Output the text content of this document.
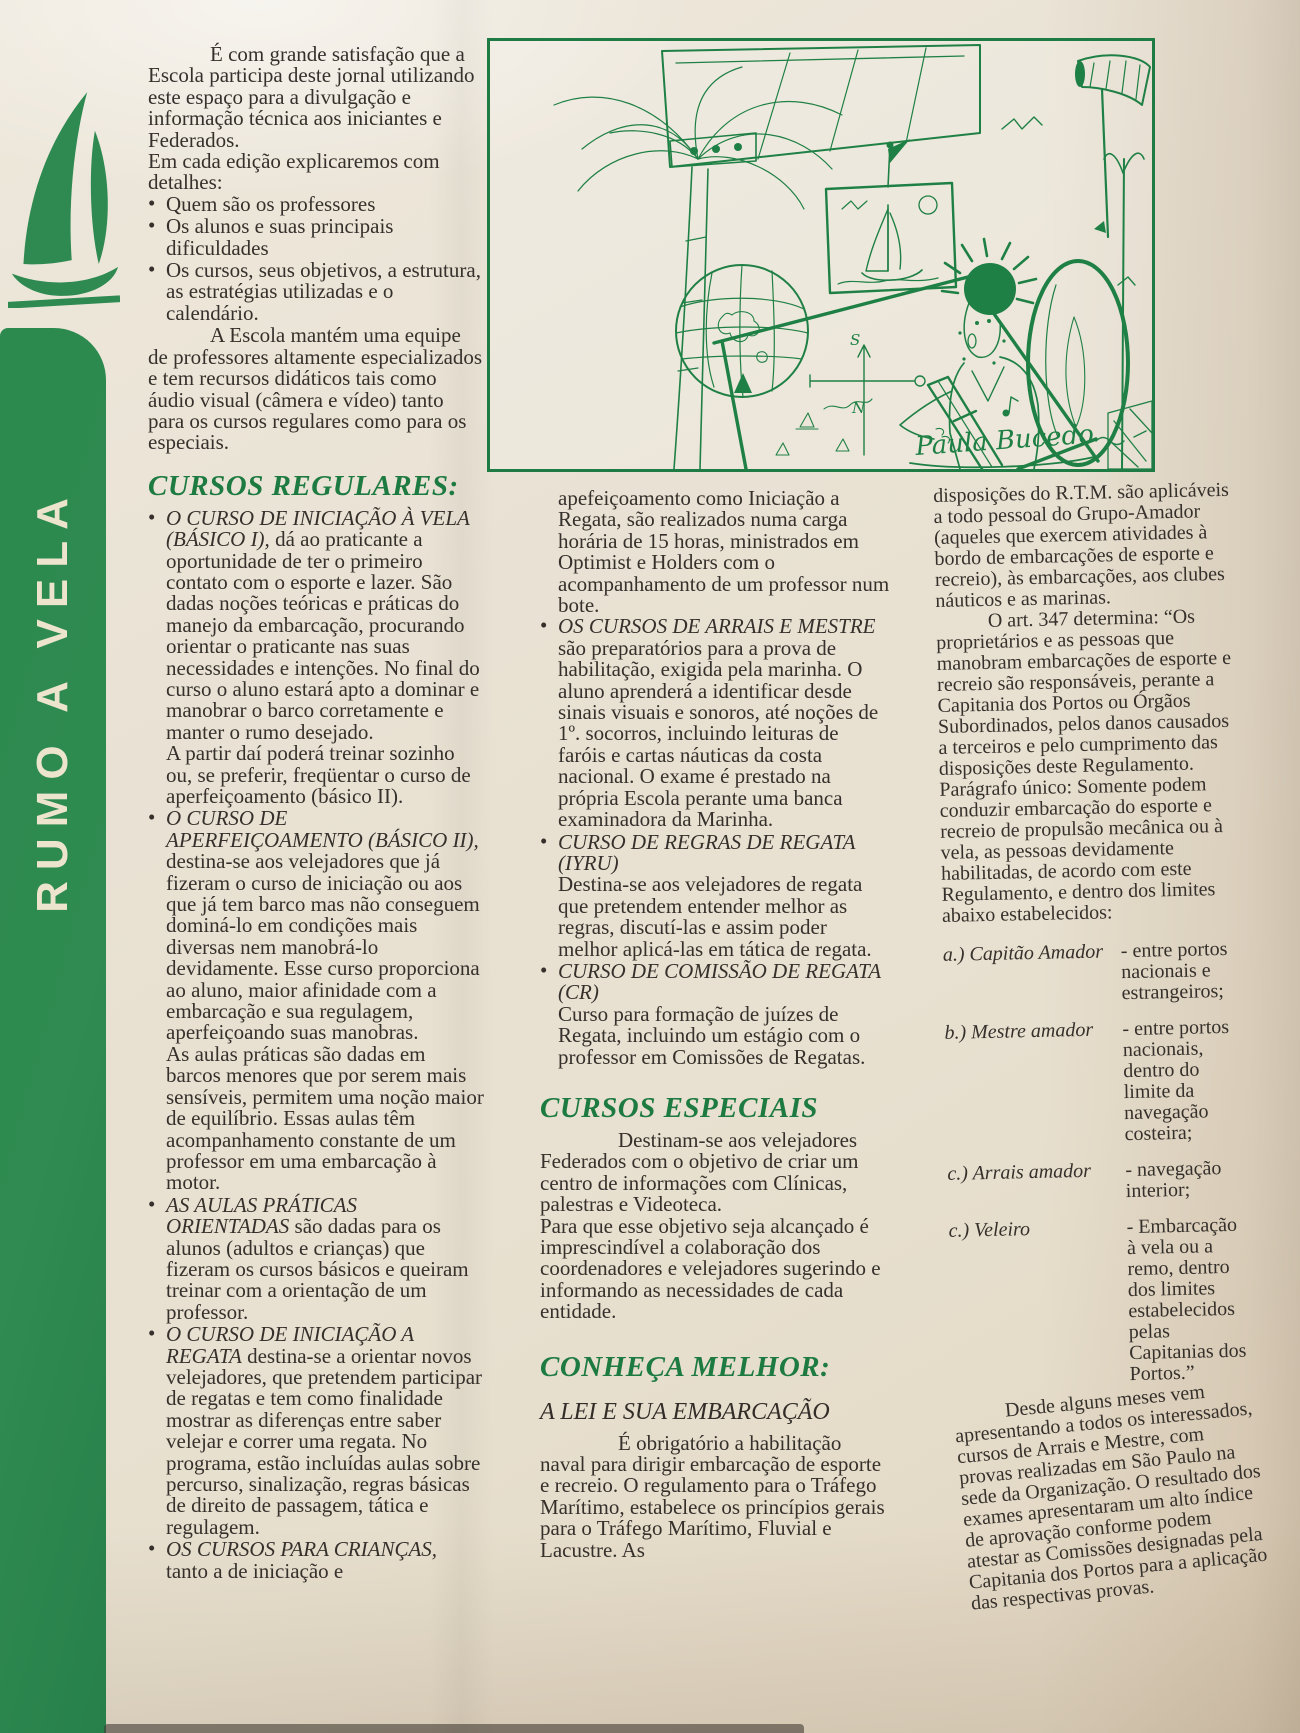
RUMO A VELA

É com grande satisfação que a Escola participa deste jornal utilizando este espaço para a divulgação e informação técnica aos iniciantes e Federados.

Em cada edição explicaremos com detalhes:

• Quem são os professores
• Os alunos e suas principais dificuldades
• Os cursos, seus objetivos, a estrutura, as estratégias utilizadas e o calendário.

A Escola mantém uma equipe de professores altamente especializados e tem recursos didáticos tais como áudio visual (câmera e vídeo) tanto para os cursos regulares como para os especiais.

CURSOS REGULARES:
• O CURSO DE INICIAÇÃO À VELA (BÁSICO I), dá ao praticante a oportunidade de ter o primeiro contato com o esporte e lazer. São dadas noções teóricas e práticas do manejo da embarcação, procurando orientar o praticante nas suas necessidades e intenções. No final do curso o aluno estará apto a dominar e manobrar o barco corretamente e manter o rumo desejado.
A partir daí poderá treinar sozinho ou, se preferir, freqüentar o curso de aperfeiçoamento (básico II).
• O CURSO DE APERFEIÇOAMENTO (BÁSICO II), destina-se aos velejadores que já fizeram o curso de iniciação ou aos que já tem barco mas não conseguem dominá-lo em condições mais diversas nem manobrá-lo devidamente. Esse curso proporciona ao aluno, maior afinidade com a embarcação e sua regulagem, aperfeiçoando suas manobras.
As aulas práticas são dadas em barcos menores que por serem mais sensíveis, permitem uma noção maior de equilíbrio. Essas aulas têm acompanhamento constante de um professor em uma embarcação à motor.
• AS AULAS PRÁTICAS ORIENTADAS são dadas para os alunos (adultos e crianças) que fizeram os cursos básicos e queiram treinar com a orientação de um professor.
• O CURSO DE INICIAÇÃO A REGATA destina-se a orientar novos velejadores, que pretendem participar de regatas e tem como finalidade mostrar as diferenças entre saber velejar e correr uma regata. No programa, estão incluídas aulas sobre percurso, sinalização, regras básicas de direito de passagem, tática e regulagem.
• OS CURSOS PARA CRIANÇAS, tanto a de iniciação e
S
N
Paula Bucedo

apefeiçoamento como Iniciação a Regata, são realizados numa carga horária de 15 horas, ministrados em Optimist e Holders com o acompanhamento de um professor num bote.

• OS CURSOS DE ARRAIS E MESTRE são preparatórios para a prova de habilitação, exigida pela marinha. O aluno aprenderá a identificar desde sinais visuais e sonoros, até noções de 1º. socorros, incluindo leituras de faróis e cartas náuticas da costa nacional. O exame é prestado na própria Escola perante uma banca examinadora da Marinha.
• CURSO DE REGRAS DE REGATA (IYRU)
Destina-se aos velejadores de regata que pretendem entender melhor as regras, discutí-las e assim poder melhor aplicá-las em tática de regata.
• CURSO DE COMISSÃO DE REGATA (CR)
Curso para formação de juízes de Regata, incluindo um estágio com o professor em Comissões de Regatas.
CURSOS ESPECIAIS

Destinam-se aos velejadores Federados com o objetivo de criar um centro de informações com Clínicas, palestras e Videoteca.

Para que esse objetivo seja alcançado é imprescindível a colaboração dos coordenadores e velejadores sugerindo e informando as necessidades de cada entidade.

CONHEÇA MELHOR:
A LEI E SUA EMBARCAÇÃO

É obrigatório a habilitação naval para dirigir embarcação de esporte e recreio. O regulamento para o Tráfego Marítimo, estabelece os princípios gerais para o Tráfego Marítimo, Fluvial e Lacustre. As

disposições do R.T.M. são aplicáveis a todo pessoal do Grupo-Amador (aqueles que exercem atividades à bordo de embarcações de esporte e recreio), às embarcações, aos clubes náuticos e as marinas.

O art. 347 determina: “Os proprietários e as pessoas que manobram embarcações de esporte e recreio são responsáveis, perante a Capitania dos Portos ou Órgãos Subordinados, pelos danos causados a terceiros e pelo cumprimento das disposições deste Regulamento.

Parágrafo único: Somente podem conduzir embarcação do esporte e recreio de propulsão mecânica ou à vela, as pessoas devidamente habilitadas, de acordo com este Regulamento, e dentro dos limites abaixo estabelecidos:

a.) Capitão Amador - entre portos nacionais e estrangeiros;
b.) Mestre amador	- entre portos nacionais, dentro do limite da navegação costeira;
c.) Arrais amador	- navegação interior;
c.) Veleiro	- Embarcação à vela ou a remo, dentro dos limites estabelecidos pelas Capitanias dos Portos.”

Desde alguns meses vem apresentando a todos os interessados, cursos de Arrais e Mestre, com provas realizadas em São Paulo na sede da Organização. O resultado dos exames apresentaram um alto índice de aprovação conforme podem atestar as Comissões designadas pela Capitania dos Portos para a aplicação das respectivas provas.
